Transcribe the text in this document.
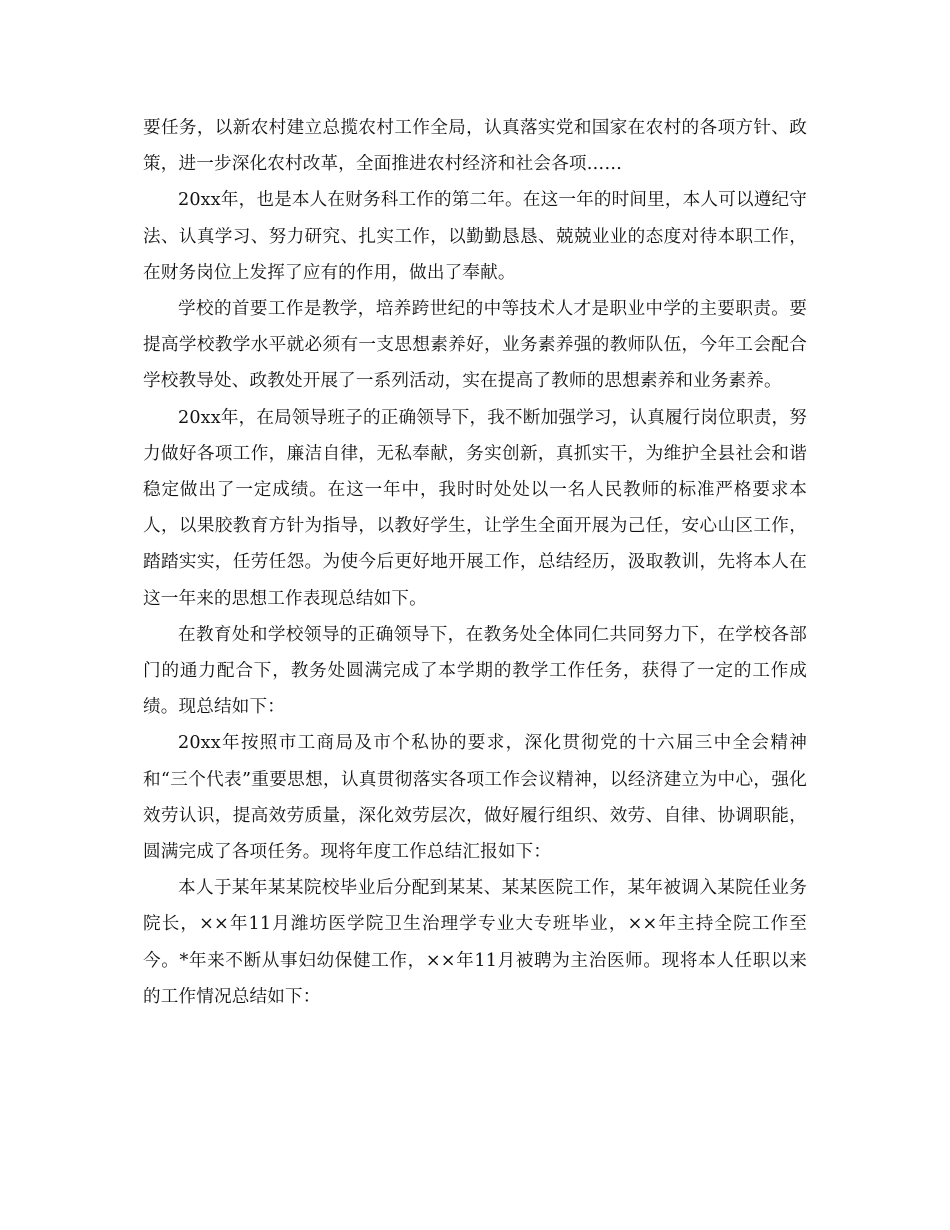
要任务，以新农村建立总揽农村工作全局，认真落实党和国家在农村的各项方针、政策，进一步深化农村改革，全面推进农村经济和社会各项……

20xx年，也是本人在财务科工作的第二年。在这一年的时间里，本人可以遵纪守法、认真学习、努力研究、扎实工作，以勤勤恳恳、兢兢业业的态度对待本职工作，在财务岗位上发挥了应有的作用，做出了奉献。

学校的首要工作是教学，培养跨世纪的中等技术人才是职业中学的主要职责。要提高学校教学水平就必须有一支思想素养好，业务素养强的教师队伍，今年工会配合学校教导处、政教处开展了一系列活动，实在提高了教师的思想素养和业务素养。

20xx年，在局领导班子的正确领导下，我不断加强学习，认真履行岗位职责，努力做好各项工作，廉洁自律，无私奉献，务实创新，真抓实干，为维护全县社会和谐稳定做出了一定成绩。在这一年中，我时时处处以一名人民教师的标准严格要求本人，以果胶教育方针为指导，以教好学生，让学生全面开展为己任，安心山区工作，踏踏实实，任劳任怨。为使今后更好地开展工作，总结经历，汲取教训，先将本人在这一年来的思想工作表现总结如下。

在教育处和学校领导的正确领导下，在教务处全体同仁共同努力下，在学校各部门的通力配合下，教务处圆满完成了本学期的教学工作任务，获得了一定的工作成绩。现总结如下：

20xx年按照市工商局及市个私协的要求，深化贯彻党的十六届三中全会精神和“三个代表”重要思想，认真贯彻落实各项工作会议精神，以经济建立为中心，强化效劳认识，提高效劳质量，深化效劳层次，做好履行组织、效劳、自律、协调职能，圆满完成了各项任务。现将年度工作总结汇报如下：

本人于某年某某院校毕业后分配到某某、某某医院工作，某年被调入某院任业务院长，××年11月潍坊医学院卫生治理学专业大专班毕业，××年主持全院工作至今。*年来不断从事妇幼保健工作，××年11月被聘为主治医师。现将本人任职以来的工作情况总结如下：
